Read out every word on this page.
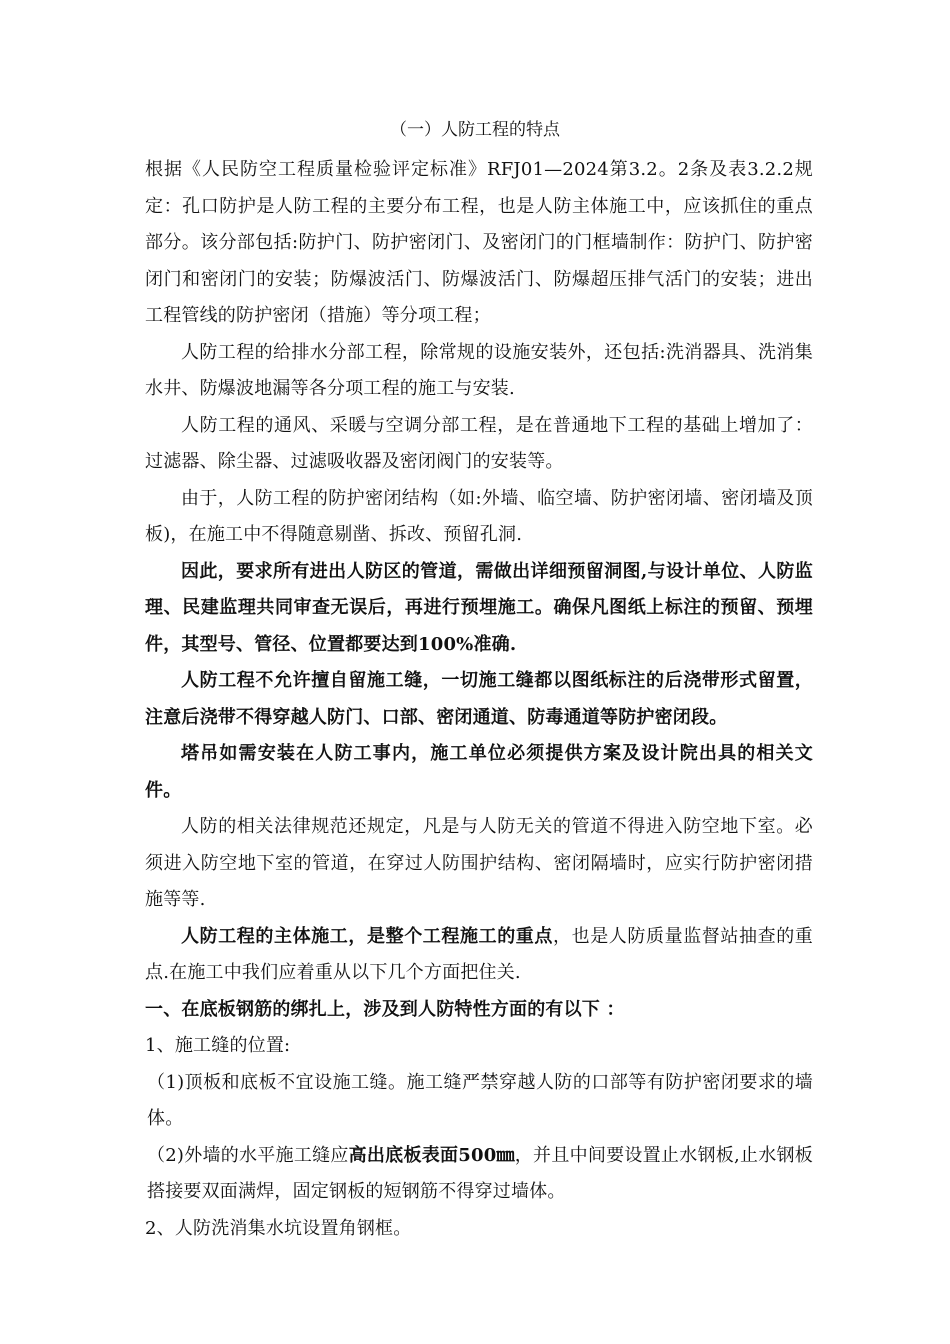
（一）人防工程的特点

根据《人民防空工程质量检验评定标准》RFJ01—2024第3.2。2条及表3.2.2规定：孔口防护是人防工程的主要分布工程，也是人防主体施工中，应该抓住的重点部分。该分部包括:防护门、防护密闭门、及密闭门的门框墙制作：防护门、防护密闭门和密闭门的安装；防爆波活门、防爆波活门、防爆超压排气活门的安装；进出工程管线的防护密闭（措施）等分项工程；

人防工程的给排水分部工程，除常规的设施安装外，还包括:洗消器具、洗消集水井、防爆波地漏等各分项工程的施工与安装.

人防工程的通风、采暖与空调分部工程，是在普通地下工程的基础上增加了：过滤器、除尘器、过滤吸收器及密闭阀门的安装等。

由于，人防工程的防护密闭结构（如:外墙、临空墙、防护密闭墙、密闭墙及顶板)，在施工中不得随意剔凿、拆改、预留孔洞.

因此，要求所有进出人防区的管道，需做出详细预留洞图,与设计单位、人防监理、民建监理共同审查无误后，再进行预埋施工。确保凡图纸上标注的预留、预埋件，其型号、管径、位置都要达到100%准确.

人防工程不允许擅自留施工缝，一切施工缝都以图纸标注的后浇带形式留置，注意后浇带不得穿越人防门、口部、密闭通道、防毒通道等防护密闭段。

塔吊如需安装在人防工事内，施工单位必须提供方案及设计院出具的相关文件。

人防的相关法律规范还规定，凡是与人防无关的管道不得进入防空地下室。必须进入防空地下室的管道，在穿过人防围护结构、密闭隔墙时，应实行防护密闭措施等等.

人防工程的主体施工，是整个工程施工的重点，也是人防质量监督站抽查的重点.在施工中我们应着重从以下几个方面把住关.

一、在底板钢筋的绑扎上，涉及到人防特性方面的有以下 ：

1、施工缝的位置:

（1)顶板和底板不宜设施工缝。施工缝严禁穿越人防的口部等有防护密闭要求的墙体。

（2)外墙的水平施工缝应高出底板表面500㎜，并且中间要设置止水钢板,止水钢板搭接要双面满焊，固定钢板的短钢筋不得穿过墙体。

2、人防洗消集水坑设置角钢框。
